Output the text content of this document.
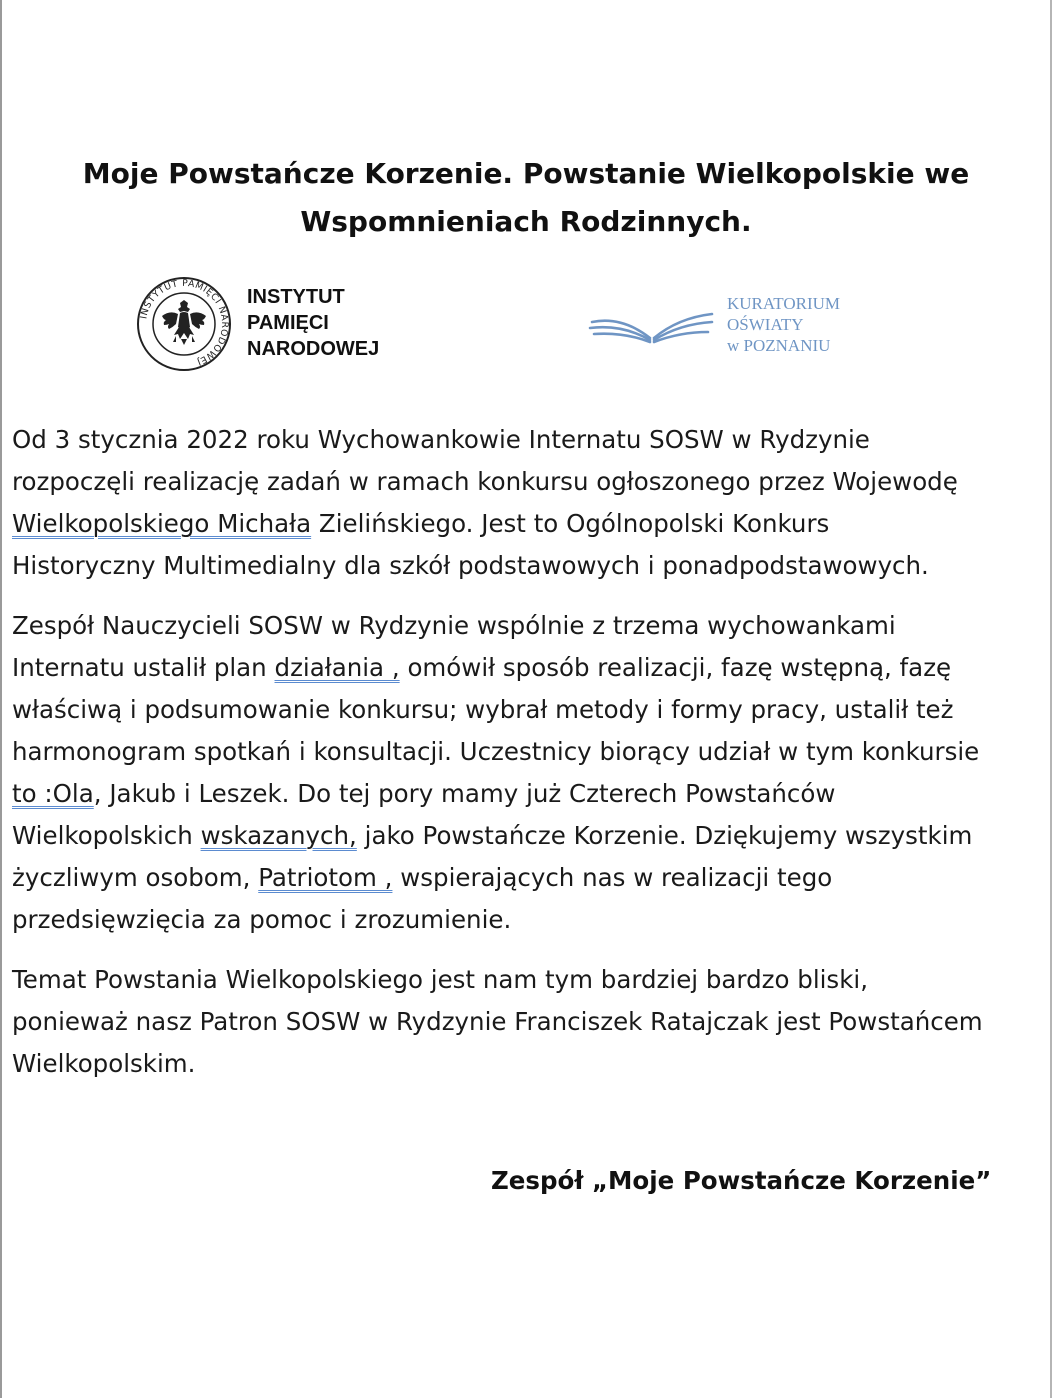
Moje Powstańcze Korzenie. Powstanie Wielkopolskie we
Wspomnieniach Rodzinnych.
INSTYTUT PAMIĘCI NARODOWEJ
INSTYTUT
PAMIĘCI
NARODOWEJ
KURATORIUM
OŚWIATY
w POZNANIU

Od 3 stycznia 2022 roku Wychowankowie Internatu SOSW w Rydzynie
rozpoczęli realizację zadań w ramach konkursu ogłoszonego przez Wojewodę
Wielkopolskiego Michała Zielińskiego. Jest to Ogólnopolski Konkurs
Historyczny Multimedialny dla szkół podstawowych i ponadpodstawowych.

Zespół Nauczycieli SOSW w Rydzynie wspólnie z trzema wychowankami
Internatu ustalił plan działania , omówił sposób realizacji, fazę wstępną, fazę
właściwą i podsumowanie konkursu; wybrał metody i formy pracy, ustalił też
harmonogram spotkań i konsultacji. Uczestnicy biorący udział w tym konkursie
to :Ola, Jakub i Leszek. Do tej pory mamy już Czterech Powstańców
Wielkopolskich wskazanych, jako Powstańcze Korzenie. Dziękujemy wszystkim
życzliwym osobom, Patriotom , wspierających nas w realizacji tego
przedsięwzięcia za pomoc i zrozumienie.

Temat Powstania Wielkopolskiego jest nam tym bardziej bardzo bliski,
ponieważ nasz Patron SOSW w Rydzynie Franciszek Ratajczak jest Powstańcem
Wielkopolskim.

Zespół „Moje Powstańcze Korzenie”
